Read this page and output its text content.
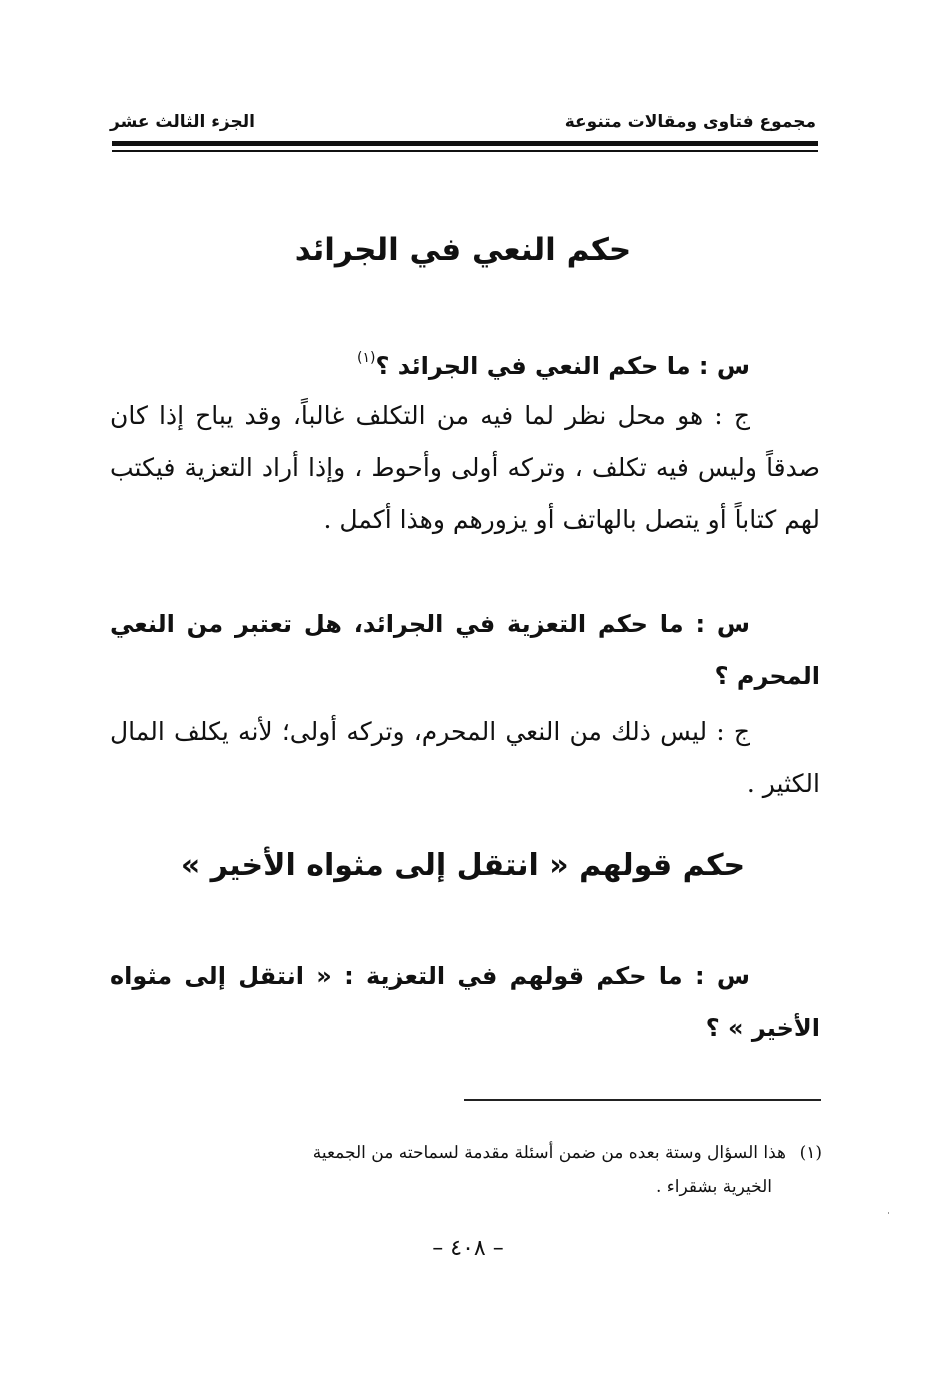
الجزء الثالث عشر	مجموع فتاوى ومقالات متنوعة
حكم النعي في الجرائد
س : ما حكم النعي في الجرائد ؟$^{(١)}$
ج : هو محل نظر لما فيه من التكلف غالباً، وقد يباح إذا كان صدقاً وليس فيه تكلف ، وتركه أولى وأحوط ، وإذا أراد التعزية فيكتب لهم كتاباً أو يتصل بالهاتف أو يزورهم وهذا أكمل .
س : ما حكم التعزية في الجرائد، هل تعتبر من النعي المحرم ؟
ج : ليس ذلك من النعي المحرم، وتركه أولى؛ لأنه يكلف المال الكثير .
حكم قولهم « انتقل إلى مثواه الأخير »
س : ما حكم قولهم في التعزية : « انتقل إلى مثواه الأخير » ؟
(١)هذا السؤال وستة بعده من ضمن أسئلة مقدمة لسماحته من الجمعية
الخيرية بشقراء .
– ٤٠٨ –
